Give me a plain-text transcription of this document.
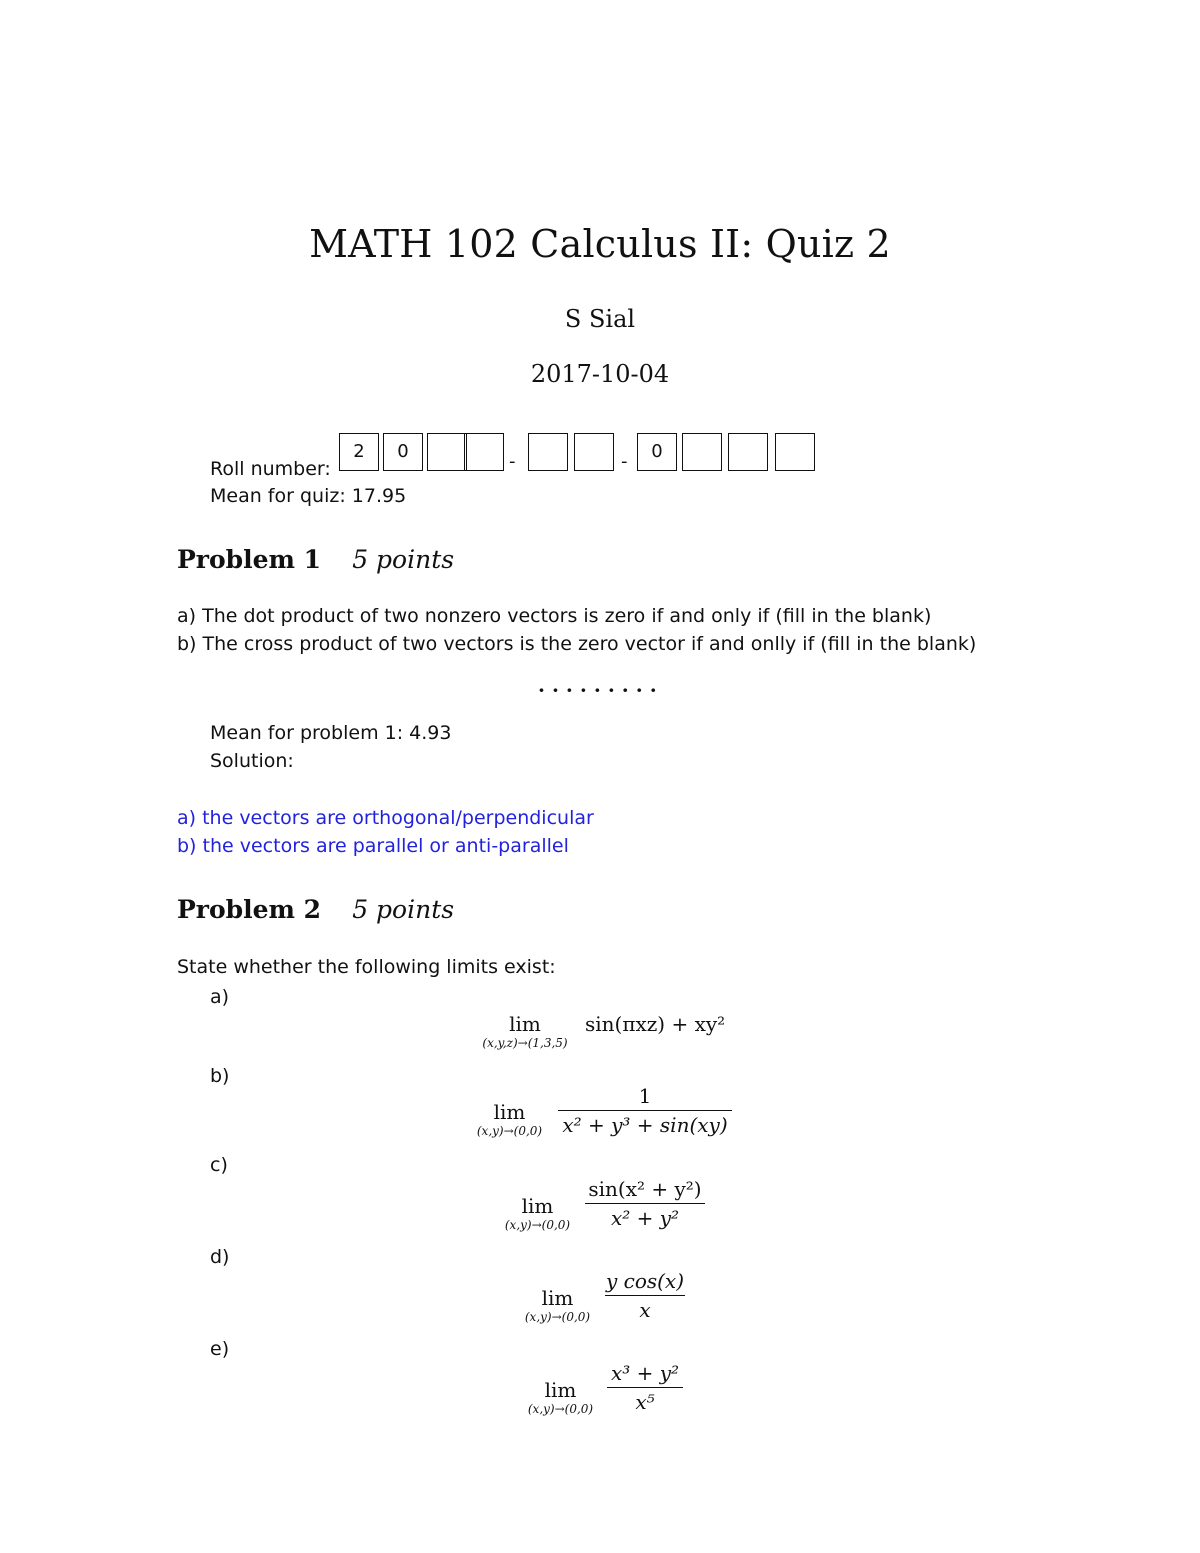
MATH 102 Calculus II: Quiz 2
S Sial
2017-10-04
Roll number:
2	0	-	-	0
Mean for quiz: 17.95
Problem 1 5 points
a) The dot product of two nonzero vectors is zero if and only if (fill in the blank)
b) The cross product of two vectors is the zero vector if and onlly if (fill in the blank)
·········
Mean for problem 1: 4.93
Solution:
a) the vectors are orthogonal/perpendicular
b) the vectors are parallel or anti-parallel
Problem 2 5 points
State whether the following limits exist:
a)
lim
(x,y,z)→(1,3,5)
sin(πxz) + xy²
b)
lim
(x,y)→(0,0)
1
x² + y³ + sin(xy)
c)
lim
(x,y)→(0,0)
sin(x² + y²)
x² + y²
d)
lim
(x,y)→(0,0)
y cos(x)
x
e)
lim
(x,y)→(0,0)
x³ + y²
x⁵
